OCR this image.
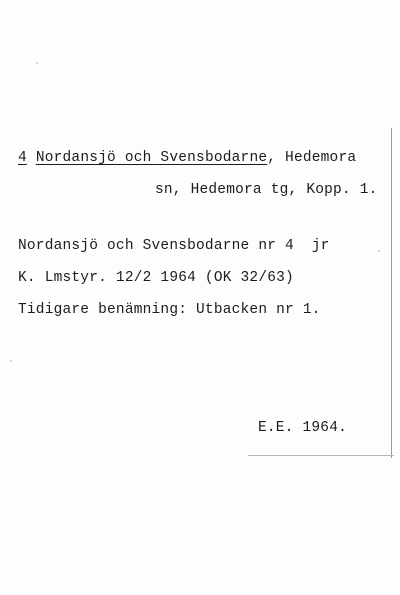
4 Nordansjö och Svensbodarne, Hedemora
sn, Hedemora tg, Kopp. 1.
Nordansjö och Svensbodarne nr 4 jr
K. Lmstyr. 12/2 1964 (OK 32/63)
Tidigare benämning: Utbacken nr 1.
E.E. 1964.
